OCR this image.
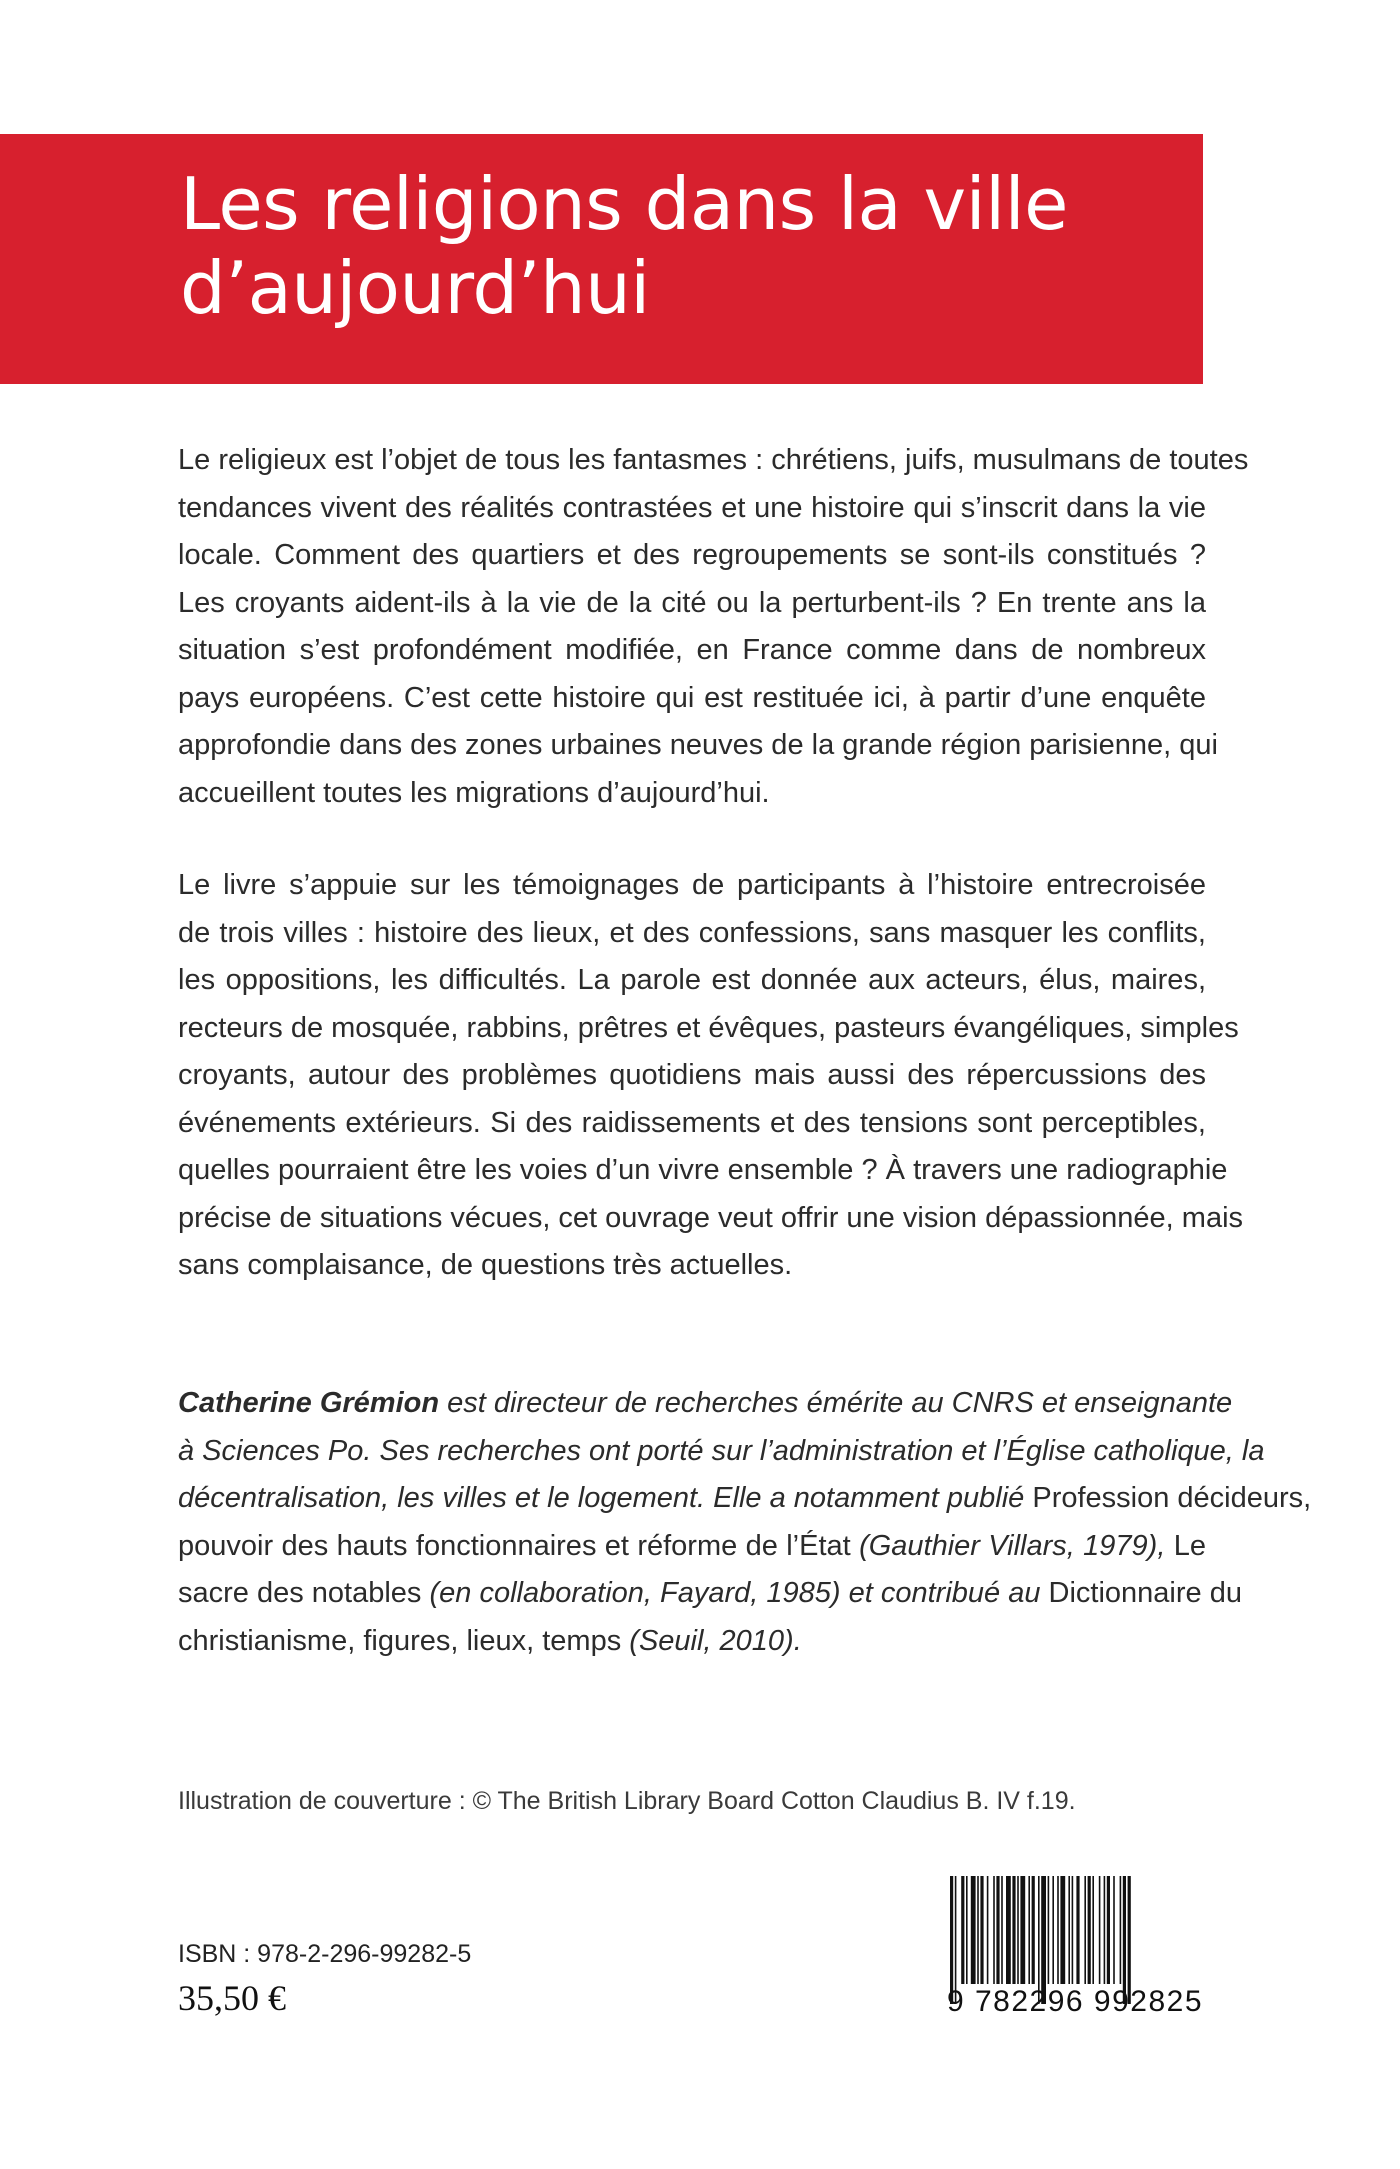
Les religions dans la ville
d’aujourd’hui

Le religieux est l’objet de tous les fantasmes : chrétiens, juifs, musulmans de toutes
tendances vivent des réalités contrastées et une histoire qui s’inscrit dans la vie
locale. Comment des quartiers et des regroupements se sont-ils constitués ?
Les croyants aident-ils à la vie de la cité ou la perturbent-ils ? En trente ans la
situation s’est profondément modifiée, en France comme dans de nombreux
pays européens. C’est cette histoire qui est restituée ici, à partir d’une enquête
approfondie dans des zones urbaines neuves de la grande région parisienne, qui
accueillent toutes les migrations d’aujourd’hui.

Le livre s’appuie sur les témoignages de participants à l’histoire entrecroisée
de trois villes : histoire des lieux, et des confessions, sans masquer les conflits,
les oppositions, les difficultés. La parole est donnée aux acteurs, élus, maires,
recteurs de mosquée, rabbins, prêtres et évêques, pasteurs évangéliques, simples
croyants, autour des problèmes quotidiens mais aussi des répercussions des
événements extérieurs. Si des raidissements et des tensions sont perceptibles,
quelles pourraient être les voies d’un vivre ensemble ? À travers une radiographie
précise de situations vécues, cet ouvrage veut offrir une vision dépassionnée, mais
sans complaisance, de questions très actuelles.

Catherine Grémion est directeur de recherches émérite au CNRS et enseignante
à Sciences Po. Ses recherches ont porté sur l’administration et l’Église catholique, la
décentralisation, les villes et le logement. Elle a notamment publié Profession décideurs,
pouvoir des hauts fonctionnaires et réforme de l’État (Gauthier Villars, 1979), Le
sacre des notables (en collaboration, Fayard, 1985) et contribué au Dictionnaire du
christianisme, figures, lieux, temps (Seuil, 2010).

Illustration de couverture : © The British Library Board Cotton Claudius B. IV f.19.

ISBN : 978-2-296-99282-5

35,50 €	9 782296 992825
